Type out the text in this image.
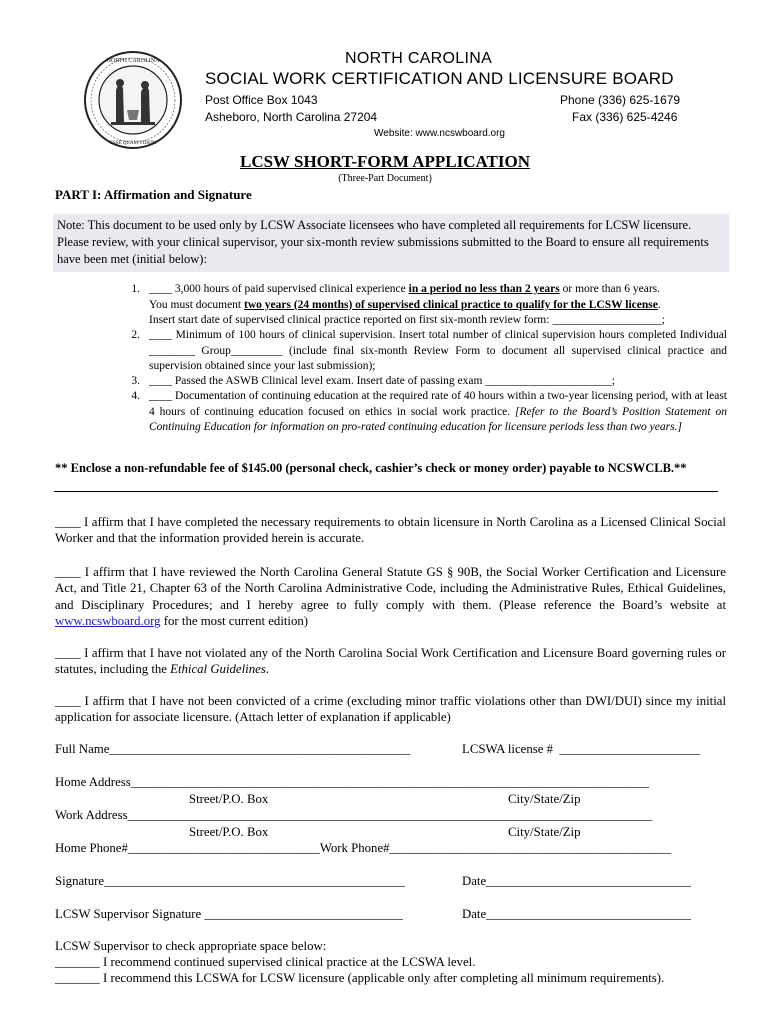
NORTH CAROLINA
ESSE QUAM VIDERI
NORTH CAROLINA
SOCIAL WORK CERTIFICATION AND LICENSURE BOARD
Post Office Box 1043
Asheboro, North Carolina 27204
Phone (336) 625-1679
Fax (336) 625-4246
Website: www.ncswboard.org
LCSW SHORT-FORM APPLICATION
(Three-Part Document)
PART I: Affirmation and Signature
Note: This document to be used only by LCSW Associate licensees who have completed all requirements for LCSW licensure. Please review, with your clinical supervisor, your six-month review submissions submitted to the Board to ensure all requirements have been met (initial below):
1. ____ 3,000 hours of paid supervised clinical experience in a period no less than 2 years or more than 6 years.
You must document two years (24 months) of supervised clinical practice to qualify for the LCSW license.
Insert start date of supervised clinical practice reported on first six-month review form: ___________________;
2. ____ Minimum of 100 hours of clinical supervision. Insert total number of clinical supervision hours completed Individual ________ Group_________ (include final six-month Review Form to document all supervised clinical practice and supervision obtained since your last submission);
3. ____ Passed the ASWB Clinical level exam. Insert date of passing exam ______________________;
4. ____ Documentation of continuing education at the required rate of 40 hours within a two-year licensing period, with at least 4 hours of continuing education focused on ethics in social work practice. [Refer to the Board’s Position Statement on Continuing Education for information on pro-rated continuing education for licensure periods less than two years.]
** Enclose a non-refundable fee of $145.00 (personal check, cashier’s check or money order) payable to NCSWCLB.**
____ I affirm that I have completed the necessary requirements to obtain licensure in North Carolina as a Licensed Clinical Social Worker and that the information provided herein is accurate.
____ I affirm that I have reviewed the North Carolina General Statute GS § 90B, the Social Worker Certification and Licensure Act, and Title 21, Chapter 63 of the North Carolina Administrative Code, including the Administrative Rules, Ethical Guidelines, and Disciplinary Procedures; and I hereby agree to fully comply with them. (Please reference the Board’s website at www.ncswboard.org for the most current edition)
____ I affirm that I have not violated any of the North Carolina Social Work Certification and Licensure Board governing rules or statutes, including the Ethical Guidelines.
____ I affirm that I have not been convicted of a crime (excluding minor traffic violations other than DWI/DUI) since my initial application for associate licensure. (Attach letter of explanation if applicable)
Full Name_______________________________________________	LCSWA license #  ______________________
Home Address_________________________________________________________________________________
Street/P.O. Box	City/State/Zip
Work Address__________________________________________________________________________________
Street/P.O. Box	City/State/Zip
Home Phone#______________________________Work Phone#____________________________________________
Signature_______________________________________________	Date________________________________
LCSW Supervisor Signature _______________________________	Date________________________________
LCSW Supervisor to check appropriate space below:
_______ I recommend continued supervised clinical practice at the LCSWA level.
_______ I recommend this LCSWA for LCSW licensure (applicable only after completing all minimum requirements).
